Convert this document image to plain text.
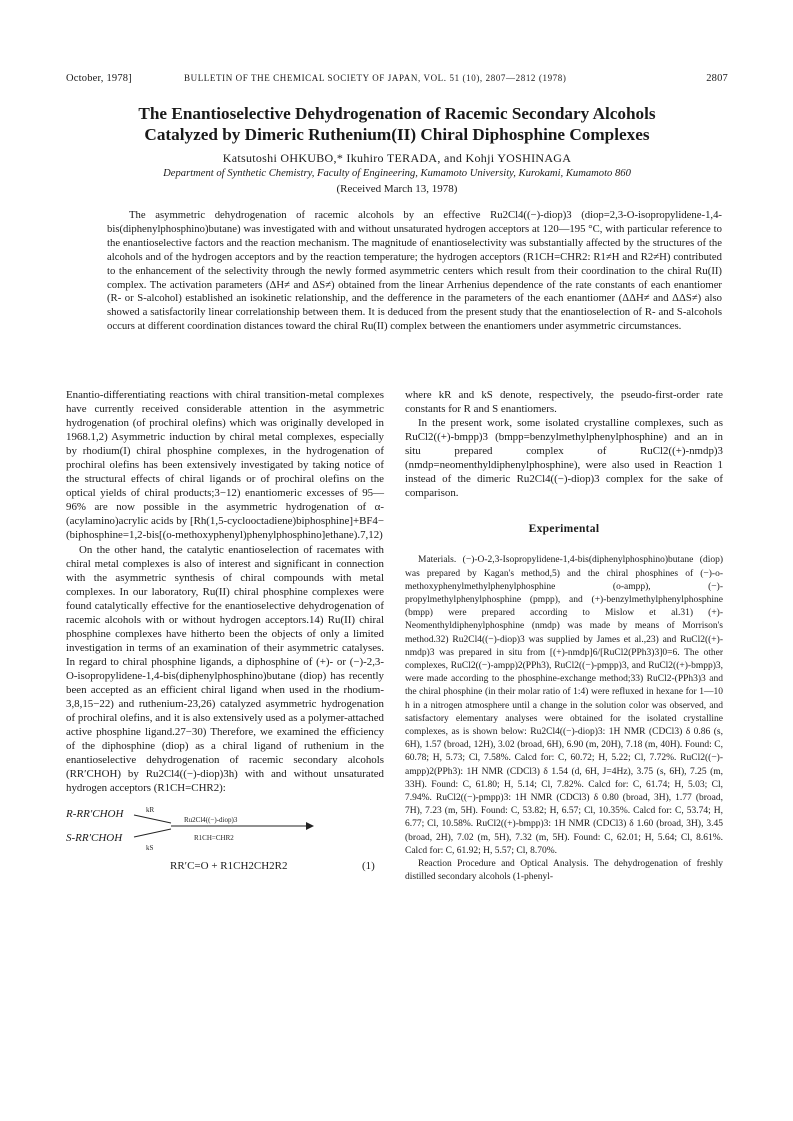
October, 1978]	BULLETIN OF THE CHEMICAL SOCIETY OF JAPAN, VOL. 51 (10), 2807—2812 (1978)	2807
The Enantioselective Dehydrogenation of Racemic Secondary Alcohols
Catalyzed by Dimeric Ruthenium(II) Chiral Diphosphine Complexes
Katsutoshi OHKUBO,* Ikuhiro TERADA, and Kohji YOSHINAGA
Department of Synthetic Chemistry, Faculty of Engineering, Kumamoto University, Kurokami, Kumamoto 860
(Received March 13, 1978)

The asymmetric dehydrogenation of racemic alcohols by an effective Ru2Cl4((−)-diop)3 (diop=2,3-O-isopropylidene-1,4-bis(diphenylphosphino)butane) was investigated with and without unsaturated hydrogen acceptors at 120—195 °C, with particular reference to the enantioselective factors and the reaction mechanism. The magnitude of enantioselectivity was substantially affected by the structures of the alcohols and of the hydrogen acceptors and by the reaction temperature; the hydrogen acceptors (R1CH=CHR2: R1≠H and R2≠H) contributed to the enhancement of the selectivity through the newly formed asymmetric centers which result from their coordination to the chiral Ru(II) complex. The activation parameters (ΔH≠ and ΔS≠) obtained from the linear Arrhenius dependence of the rate constants of each enantiomer (R- or S-alcohol) established an isokinetic relationship, and the defference in the parameters of the each enantiomer (ΔΔH≠ and ΔΔS≠) also showed a satisfactorily linear correlationship between them. It is deduced from the present study that the enantioselection of R- and S-alcohols occurs at different coordination distances toward the chiral Ru(II) complex between the enantiomers under asymmetric circumstances.

Enantio-differentiating reactions with chiral transition-metal complexes have currently received considerable attention in the asymmetric hydrogenation (of prochiral olefins) which was originally developed in 1968.1,2) Asymmetric induction by chiral metal complexes, especially by rhodium(I) chiral phosphine complexes, in the hydrogenation of prochiral olefins has been extensively investigated by taking notice of the structural effects of chiral ligands or of prochiral olefins on the optical yields of chiral products;3−12) enantiomeric excesses of 95—96% are now possible in the asymmetric hydrogenation of α-(acylamino)acrylic acids by [Rh(1,5-cyclooctadiene)biphosphine]+BF4− (biphosphine=1,2-bis[(o-methoxyphenyl)phenylphosphino]ethane).7,12)

On the other hand, the catalytic enantioselection of racemates with chiral metal complexes is also of interest and significant in connection with the asymmetric synthesis of chiral compounds with metal complexes. In our laboratory, Ru(II) chiral phosphine complexes were found catalytically effective for the enantioselective dehydrogenation of racemic alcohols with or without hydrogen acceptors.14) Ru(II) chiral phosphine complexes have hitherto been the objects of only a limited investigation in terms of an examination of their asymmetric catalyses. In regard to chiral phosphine ligands, a diphosphine of (+)- or (−)-2,3-O-isopropylidene-1,4-bis(diphenylphosphino)butane (diop) has recently been accepted as an efficient chiral ligand when used in the rhodium-3,8,15−22) and ruthenium-23,26) catalyzed asymmetric hydrogenation of prochiral olefins, and it is also extensively used as a polymer-attached active phosphine ligand.27−30) Therefore, we examined the efficiency of the diphosphine (diop) as a chiral ligand of ruthenium in the enantioselective dehydrogenation of racemic secondary alcohols (RR′CHOH) by Ru2Cl4((−)-diop)3h) with and without unsaturated hydrogen acceptors (R1CH=CHR2):

R-RR′CHOH
S-RR′CHOH
kR
kS
Ru2Cl4((−)-diop)3
R1CH=CHR2
RR′C=O + R1CH2CH2R2	(1)

where kR and kS denote, respectively, the pseudo-first-order rate constants for R and S enantiomers.

In the present work, some isolated crystalline complexes, such as RuCl2((+)-bmpp)3 (bmpp=benzylmethylphenylphosphine) and an in situ prepared complex of RuCl2((+)-nmdp)3 (nmdp=neomenthyldiphenylphosphine), were also used in Reaction 1 instead of the dimeric Ru2Cl4((−)-diop)3 complex for the sake of comparison.

Experimental

Materials. (−)-O-2,3-Isopropylidene-1,4-bis(diphenylphosphino)butane (diop) was prepared by Kagan's method,5) and the chiral phosphines of (−)-o-methoxyphenylmethylphenylphosphine (o-ampp), (−)-propylmethylphenylphosphine (pmpp), and (+)-benzylmethylphenylphosphine (bmpp) were prepared according to Mislow et al.31) (+)-Neomenthyldiphenylphosphine (nmdp) was made by means of Morrison's method.32) Ru2Cl4((−)-diop)3 was supplied by James et al.,23) and RuCl2((+)-nmdp)3 was prepared in situ from [(+)-nmdp]6/[RuCl2(PPh3)3]0=6. The other complexes, RuCl2((−)-ampp)2(PPh3), RuCl2((−)-pmpp)3, and RuCl2((+)-bmpp)3, were made according to the phosphine-exchange method;33) RuCl2-(PPh3)3 and the chiral phosphine (in their molar ratio of 1:4) were refluxed in hexane for 1—10 h in a nitrogen atmosphere until a change in the solution color was observed, and satisfactory elementary analyses were obtained for the isolated crystalline complexes, as is shown below: Ru2Cl4((−)-diop)3: 1H NMR (CDCl3) δ 0.86 (s, 6H), 1.57 (broad, 12H), 3.02 (broad, 6H), 6.90 (m, 20H), 7.18 (m, 40H). Found: C, 60.78; H, 5.73; Cl, 7.58%. Calcd for: C, 60.72; H, 5.22; Cl, 7.72%. RuCl2((−)-ampp)2(PPh3): 1H NMR (CDCl3) δ 1.54 (d, 6H, J=4Hz), 3.75 (s, 6H), 7.25 (m, 33H). Found: C, 61.80; H, 5.14; Cl, 7.82%. Calcd for: C, 61.74; H, 5.03; Cl, 7.94%. RuCl2((−)-pmpp)3: 1H NMR (CDCl3) δ 0.80 (broad, 3H), 1.77 (broad, 7H), 7.23 (m, 5H). Found: C, 53.82; H, 6.57; Cl, 10.35%. Calcd for: C, 53.74; H, 6.77; Cl, 10.58%. RuCl2((+)-bmpp)3: 1H NMR (CDCl3) δ 1.60 (broad, 3H), 3.45 (broad, 2H), 7.02 (m, 5H), 7.32 (m, 5H). Found: C, 62.01; H, 5.64; Cl, 8.61%. Calcd for: C, 61.92; H, 5.57; Cl, 8.70%.

Reaction Procedure and Optical Analysis. The dehydrogenation of freshly distilled secondary alcohols (1-phenyl-
